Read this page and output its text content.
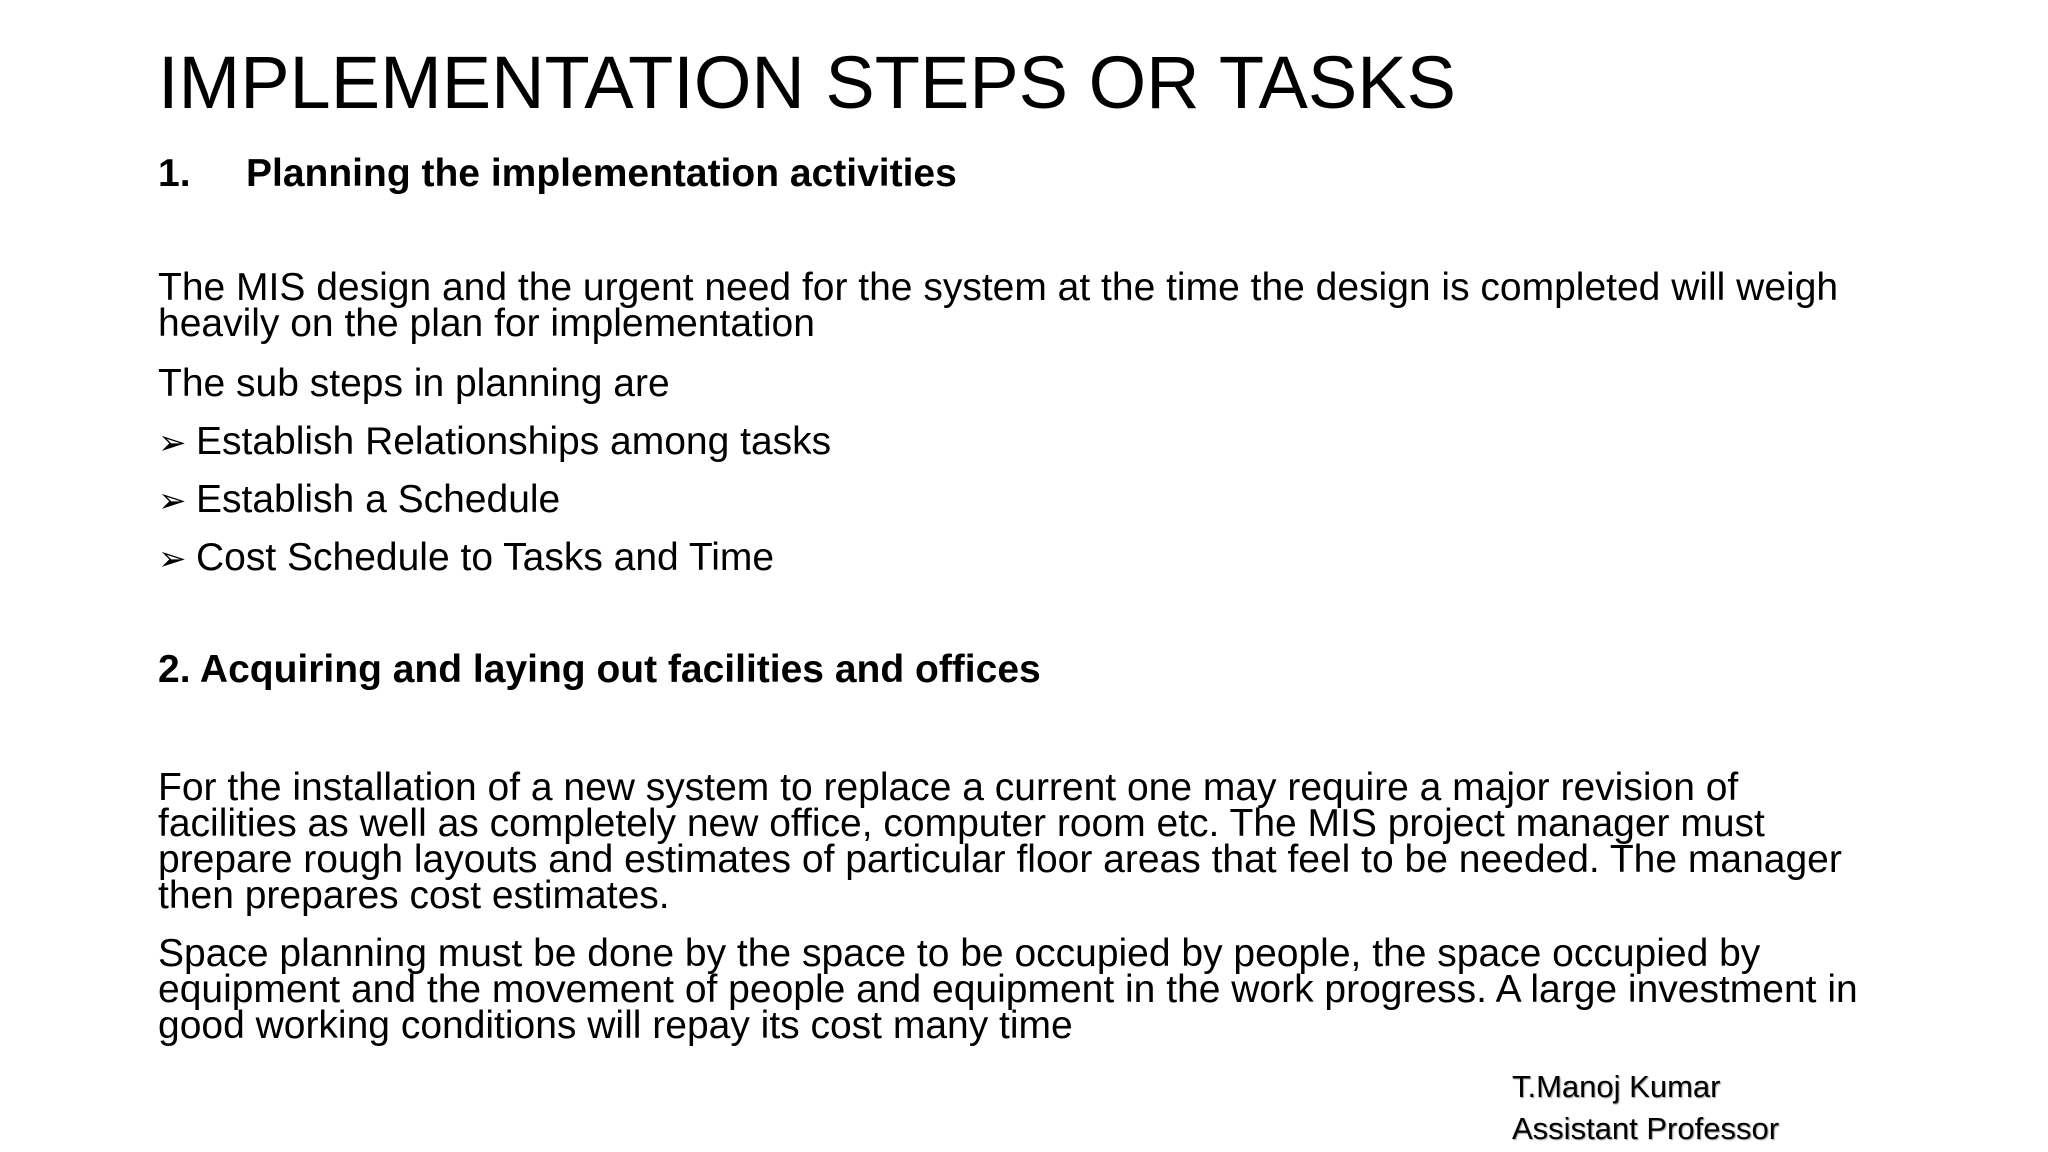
IMPLEMENTATION STEPS OR TASKS
1. Planning the implementation activities
The MIS design and the urgent need for the system at the time the design is completed will weigh
heavily on the plan for implementation
The sub steps in planning are
➢ Establish Relationships among tasks
➢ Establish a Schedule
➢ Cost Schedule to Tasks and Time
2. Acquiring and laying out facilities and offices
For the installation of a new system to replace a current one may require a major revision of
facilities as well as completely new office, computer room etc. The MIS project manager must
prepare rough layouts and estimates of particular floor areas that feel to be needed. The manager
then prepares cost estimates.
Space planning must be done by the space to be occupied by people, the space occupied by
equipment and the movement of people and equipment in the work progress. A large investment in
good working conditions will repay its cost many time
T.Manoj Kumar
Assistant Professor
